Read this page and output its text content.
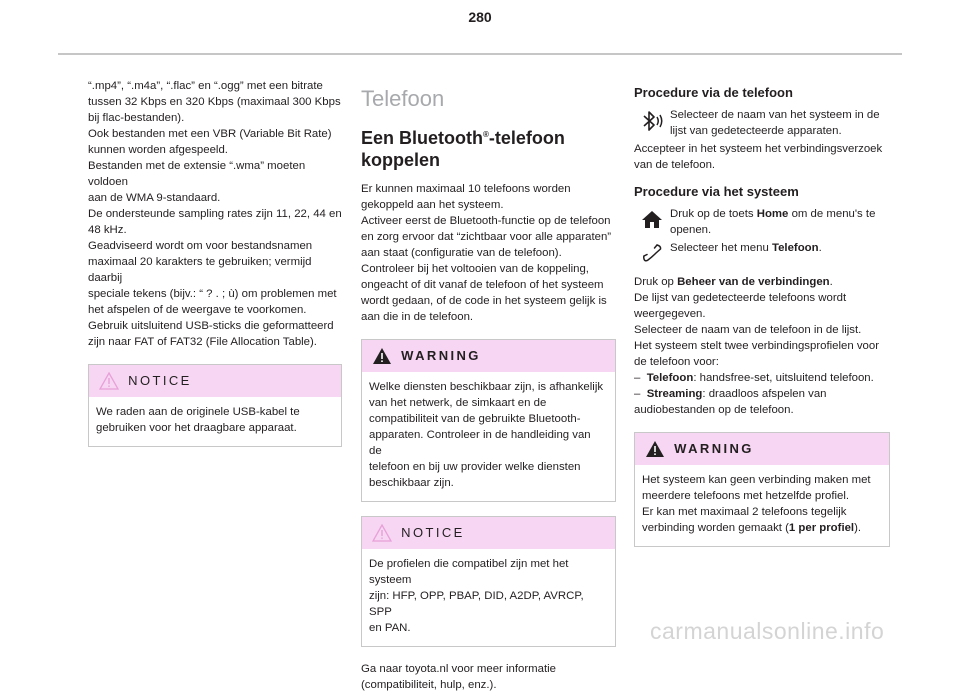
280

“.mp4”, “.m4a”, “.flac” en “.ogg” met een bitrate

tussen 32 Kbps en 320 Kbps (maximaal 300 Kbps

bij flac-bestanden).

Ook bestanden met een VBR (Variable Bit Rate)

kunnen worden afgespeeld.

Bestanden met de extensie “.wma” moeten voldoen

aan de WMA 9-standaard.

De ondersteunde sampling rates zijn 11, 22, 44 en

48 kHz.

Geadviseerd wordt om voor bestandsnamen

maximaal 20 karakters te gebruiken; vermijd daarbij

speciale tekens (bijv.: “ ? . ; ù) om problemen met

het afspelen of de weergave te voorkomen.

Gebruik uitsluitend USB-sticks die geformatteerd

zijn naar FAT of FAT32 (File Allocation Table).

NOTICE

We raden aan de originele USB-kabel te

gebruiken voor het draagbare apparaat.

Telefoon
Een Bluetooth®-telefoon
koppelen

Er kunnen maximaal 10 telefoons worden

gekoppeld aan het systeem.

Activeer eerst de Bluetooth-functie op de telefoon

en zorg ervoor dat “zichtbaar voor alle apparaten”

aan staat (configuratie van de telefoon).

Controleer bij het voltooien van de koppeling,

ongeacht of dit vanaf de telefoon of het systeem

wordt gedaan, of de code in het systeem gelijk is

aan die in de telefoon.

WARNING

Welke diensten beschikbaar zijn, is afhankelijk

van het netwerk, de simkaart en de

compatibiliteit van de gebruikte Bluetooth-

apparaten. Controleer in de handleiding van de

telefoon en bij uw provider welke diensten

beschikbaar zijn.

NOTICE

De profielen die compatibel zijn met het systeem

zijn: HFP, OPP, PBAP, DID, A2DP, AVRCP, SPP

en PAN.

Ga naar toyota.nl voor meer informatie

(compatibiliteit, hulp, enz.).

Procedure via de telefoon

Selecteer de naam van het systeem in de

lijst van gedetecteerde apparaten.

Accepteer in het systeem het verbindingsverzoek

van de telefoon.

Procedure via het systeem

Druk op de toets Home om de menu's te

openen.

Selecteer het menu Telefoon.

Druk op Beheer van de verbindingen.

De lijst van gedetecteerde telefoons wordt

weergegeven.

Selecteer de naam van de telefoon in de lijst.

Het systeem stelt twee verbindingsprofielen voor

de telefoon voor:

– Telefoon: handsfree-set, uitsluitend telefoon.

– Streaming: draadloos afspelen van

audiobestanden op de telefoon.

WARNING

Het systeem kan geen verbinding maken met

meerdere telefoons met hetzelfde profiel.

Er kan met maximaal 2 telefoons tegelijk

verbinding worden gemaakt (1 per profiel).

carmanualsonline.info
